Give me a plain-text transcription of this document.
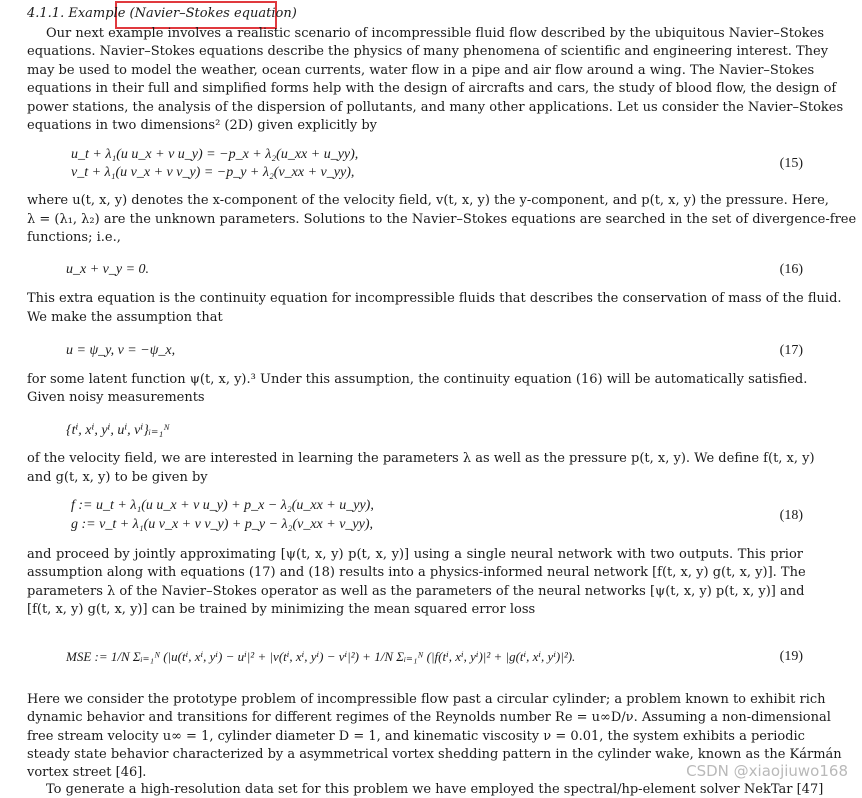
4.1.1. Example (Navier–Stokes equation)
Our next example involves a realistic scenario of incompressible fluid flow described by the ubiquitous Navier–Stokes
equations. Navier–Stokes equations describe the physics of many phenomena of scientific and engineering interest. They
may be used to model the weather, ocean currents, water flow in a pipe and air flow around a wing. The Navier–Stokes
equations in their full and simplified forms help with the design of aircrafts and cars, the study of blood flow, the design of
power stations, the analysis of the dispersion of pollutants, and many other applications. Let us consider the Navier–Stokes
equations in two dimensions² (2D) given explicitly by
u_t + λ₁(u u_x + v u_y) = −p_x + λ₂(u_xx + u_yy),
v_t + λ₁(u v_x + v v_y) = −p_y + λ₂(v_xx + v_yy),
(15)
where u(t, x, y) denotes the x-component of the velocity field, v(t, x, y) the y-component, and p(t, x, y) the pressure. Here,
λ = (λ₁, λ₂) are the unknown parameters. Solutions to the Navier–Stokes equations are searched in the set of divergence-free
functions; i.e.,
u_x + v_y = 0.	(16)
This extra equation is the continuity equation for incompressible fluids that describes the conservation of mass of the fluid.
We make the assumption that
u = ψ_y, v = −ψ_x,	(17)
for some latent function ψ(t, x, y).³ Under this assumption, the continuity equation (16) will be automatically satisfied.
Given noisy measurements
{tⁱ, xⁱ, yⁱ, uⁱ, vⁱ}ᵢ₌₁ᴺ
of the velocity field, we are interested in learning the parameters λ as well as the pressure p(t, x, y). We define f(t, x, y)
and g(t, x, y) to be given by
f := u_t + λ₁(u u_x + v u_y) + p_x − λ₂(u_xx + u_yy),
g := v_t + λ₁(u v_x + v v_y) + p_y − λ₂(v_xx + v_yy),
(18)
and proceed by jointly approximating [ψ(t, x, y) p(t, x, y)] using a single neural network with two outputs. This prior
assumption along with equations (17) and (18) results into a physics-informed neural network [f(t, x, y) g(t, x, y)]. The
parameters λ of the Navier–Stokes operator as well as the parameters of the neural networks [ψ(t, x, y) p(t, x, y)] and
[f(t, x, y) g(t, x, y)] can be trained by minimizing the mean squared error loss
MSE := 1/N Σᵢ₌₁ᴺ (|u(tⁱ, xⁱ, yⁱ) − uⁱ|² + |v(tⁱ, xⁱ, yⁱ) − vⁱ|²) + 1/N Σᵢ₌₁ᴺ (|f(tⁱ, xⁱ, yⁱ)|² + |g(tⁱ, xⁱ, yⁱ)|²).	(19)
Here we consider the prototype problem of incompressible flow past a circular cylinder; a problem known to exhibit rich
dynamic behavior and transitions for different regimes of the Reynolds number Re = u∞D/ν. Assuming a non-dimensional
free stream velocity u∞ = 1, cylinder diameter D = 1, and kinematic viscosity ν = 0.01, the system exhibits a periodic
steady state behavior characterized by a asymmetrical vortex shedding pattern in the cylinder wake, known as the Kármán
vortex street [46].
To generate a high-resolution data set for this problem we have employed the spectral/hp-element solver NekTar [47]
CSDN @xiaojiuwo168
